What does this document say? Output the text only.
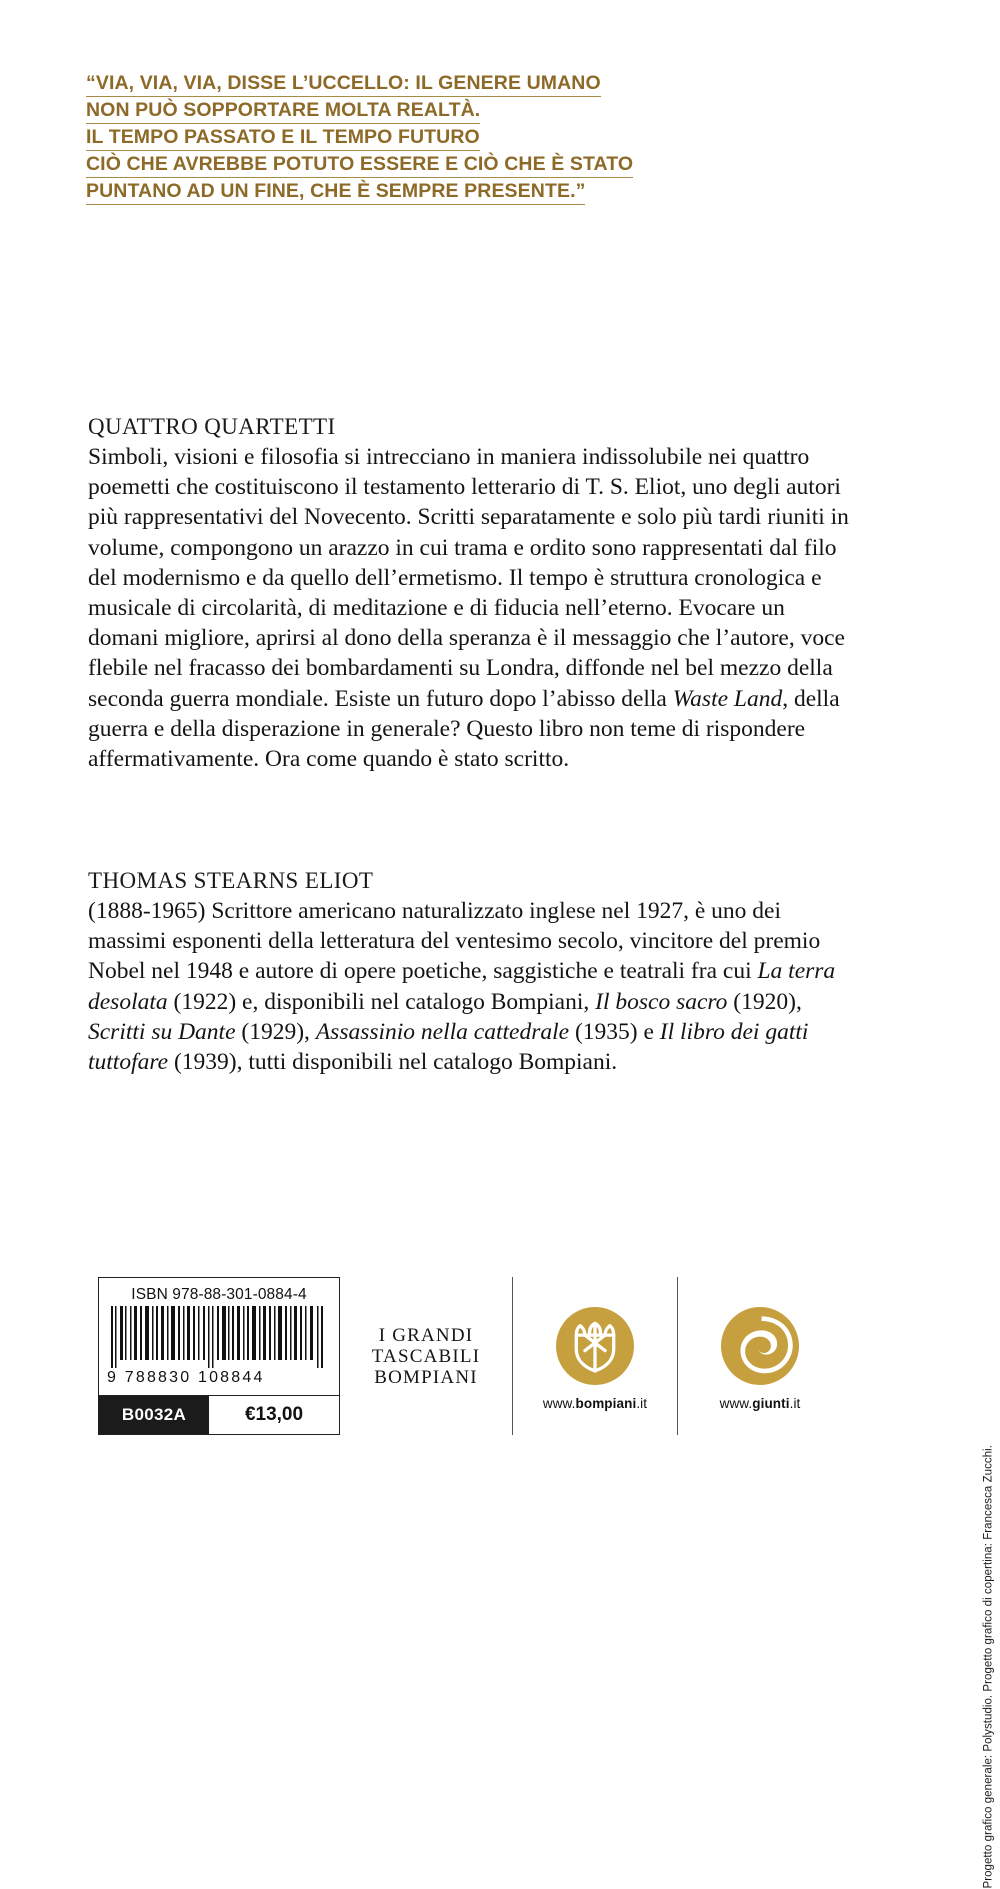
“VIA, VIA, VIA, DISSE L’UCCELLO: IL GENERE UMANO
NON PUÒ SOPPORTARE MOLTA REALTÀ.
IL TEMPO PASSATO E IL TEMPO FUTURO
CIÒ CHE AVREBBE POTUTO ESSERE E CIÒ CHE È STATO
PUNTANO AD UN FINE, CHE È SEMPRE PRESENTE.”
QUATTRO QUARTETTI

Simboli, visioni e filosofia si intrecciano in maniera indissolubile nei quattro poemetti che costituiscono il testamento letterario di T. S. Eliot, uno degli autori più rappresentativi del Novecento. Scritti separatamente e solo più tardi riuniti in volume, compongono un arazzo in cui trama e ordito sono rappresentati dal filo del modernismo e da quello dell’ermetismo. Il tempo è struttura cronologica e musicale di circolarità, di meditazione e di fiducia nell’eterno. Evocare un domani migliore, aprirsi al dono della speranza è il messaggio che l’autore, voce flebile nel fracasso dei bombardamenti su Londra, diffonde nel bel mezzo della seconda guerra mondiale. Esiste un futuro dopo l’abisso della Waste Land, della guerra e della disperazione in generale? Questo libro non teme di rispondere affermativamente. Ora come quando è stato scritto.

THOMAS STEARNS ELIOT

(1888-1965) Scrittore americano naturalizzato inglese nel 1927, è uno dei massimi esponenti della letteratura del ventesimo secolo, vincitore del premio Nobel nel 1948 e autore di opere poetiche, saggistiche e teatrali fra cui La terra desolata (1922) e, disponibili nel catalogo Bompiani, Il bosco sacro (1920), Scritti su Dante (1929), Assassinio nella cattedrale (1935) e Il libro dei gatti tuttofare (1939), tutti disponibili nel catalogo Bompiani.

ISBN 978-88-301-0884-4
9 788830 108844
B0032A	€13,00
I GRANDI
TASCABILI
BOMPIANI
www.bompiani.it	www.giunti.it
Progetto grafico generale: Polystudio. Progetto grafico di copertina: Francesca Zucchi.
